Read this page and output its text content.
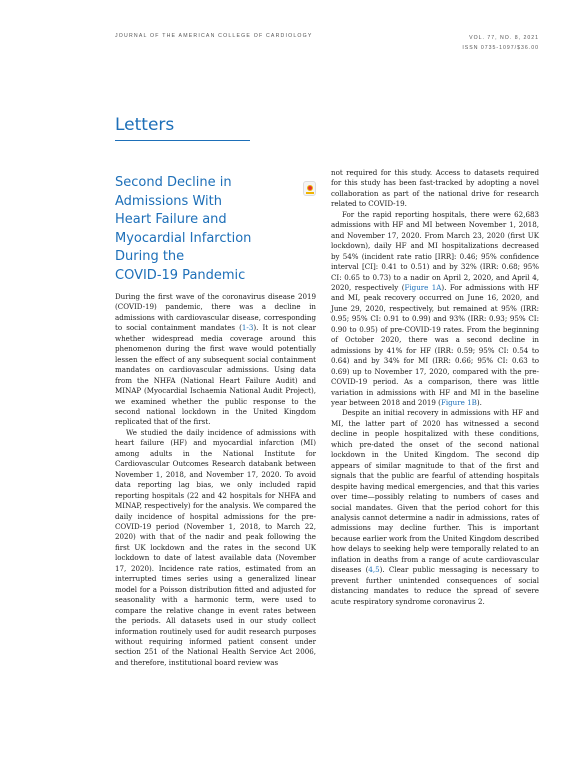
JOURNAL OF THE AMERICAN COLLEGE OF CARDIOLOGY	VOL. 77, NO. 8, 2021
ISSN 0735-1097/$36.00
Letters
Second Decline in
Admissions With
Heart Failure and
Myocardial Infarction
During the
COVID-19 Pandemic

During the first wave of the coronavirus disease 2019 (COVID-19) pandemic, there was a decline in admissions with cardiovascular disease, corresponding to social containment mandates (1-3). It is not clear whether widespread media coverage around this phenomenon during the first wave would potentially lessen the effect of any subsequent social containment mandates on cardiovascular admissions. Using data from the NHFA (National Heart Failure Audit) and MINAP (Myocardial Ischaemia National Audit Project), we examined whether the public response to the second national lockdown in the United Kingdom replicated that of the first.

We studied the daily incidence of admissions with heart failure (HF) and myocardial infarction (MI) among adults in the National Institute for Cardiovascular Outcomes Research databank between November 1, 2018, and November 17, 2020. To avoid data reporting lag bias, we only included rapid reporting hospitals (22 and 42 hospitals for NHFA and MINAP, respectively) for the analysis. We compared the daily incidence of hospital admissions for the pre-COVID-19 period (November 1, 2018, to March 22, 2020) with that of the nadir and peak following the first UK lockdown and the rates in the second UK lockdown to date of latest available data (November 17, 2020). Incidence rate ratios, estimated from an interrupted times series using a generalized linear model for a Poisson distribution fitted and adjusted for seasonality with a harmonic term, were used to compare the relative change in event rates between the periods. All datasets used in our study collect information routinely used for audit research purposes without requiring informed patient consent under section 251 of the National Health Service Act 2006, and therefore, institutional board review was

not required for this study. Access to datasets required for this study has been fast-tracked by adopting a novel collaboration as part of the national drive for research related to COVID-19.

For the rapid reporting hospitals, there were 62,683 admissions with HF and MI between November 1, 2018, and November 17, 2020. From March 23, 2020 (first UK lockdown), daily HF and MI hospitalizations decreased by 54% (incident rate ratio [IRR]: 0.46; 95% confidence interval [CI]: 0.41 to 0.51) and by 32% (IRR: 0.68; 95% CI: 0.65 to 0.73) to a nadir on April 2, 2020, and April 4, 2020, respectively (Figure 1A). For admissions with HF and MI, peak recovery occurred on June 16, 2020, and June 29, 2020, respectively, but remained at 95% (IRR: 0.95; 95% CI: 0.91 to 0.99) and 93% (IRR: 0.93; 95% CI: 0.90 to 0.95) of pre-COVID-19 rates. From the beginning of October 2020, there was a second decline in admissions by 41% for HF (IRR: 0.59; 95% CI: 0.54 to 0.64) and by 34% for MI (IRR: 0.66; 95% CI: 0.63 to 0.69) up to November 17, 2020, compared with the pre-COVID-19 period. As a comparison, there was little variation in admissions with HF and MI in the baseline year between 2018 and 2019 (Figure 1B).

Despite an initial recovery in admissions with HF and MI, the latter part of 2020 has witnessed a second decline in people hospitalized with these conditions, which pre-dated the onset of the second national lockdown in the United Kingdom. The second dip appears of similar magnitude to that of the first and signals that the public are fearful of attending hospitals despite having medical emergencies, and that this varies over time—possibly relating to numbers of cases and social mandates. Given that the period cohort for this analysis cannot determine a nadir in admissions, rates of admissions may decline further. This is important because earlier work from the United Kingdom described how delays to seeking help were temporally related to an inflation in deaths from a range of acute cardiovascular diseases (4,5). Clear public messaging is necessary to prevent further unintended consequences of social distancing mandates to reduce the spread of severe acute respiratory syndrome coronavirus 2.
